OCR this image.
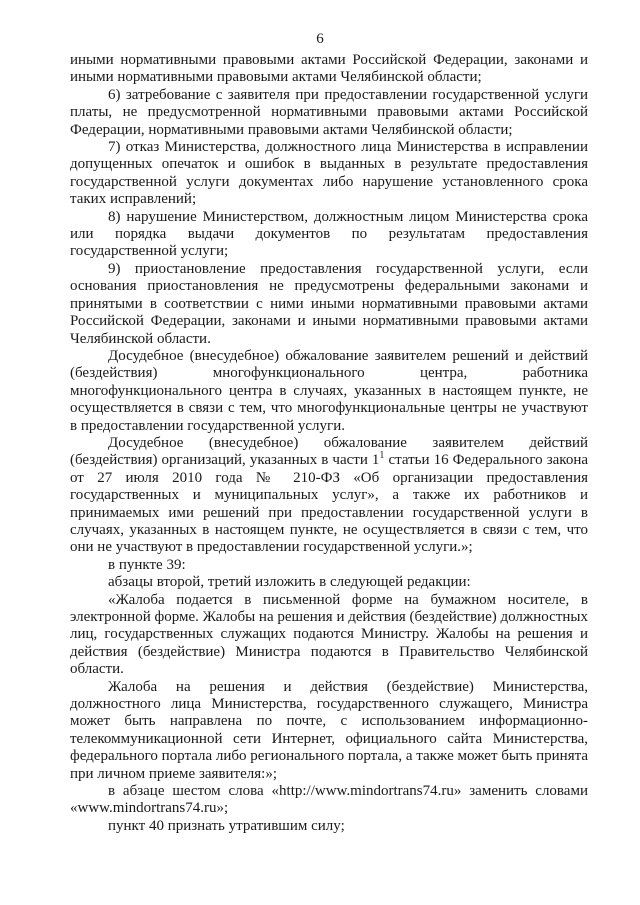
6

иными нормативными правовыми актами Российской Федерации, законами и иными нормативными правовыми актами Челябинской области;

6) затребование с заявителя при предоставлении государственной услуги платы, не предусмотренной нормативными правовыми актами Российской Федерации, нормативными правовыми актами Челябинской области;

7) отказ Министерства, должностного лица Министерства в исправлении допущенных опечаток и ошибок в выданных в результате предоставления государственной услуги документах либо нарушение установленного срока таких исправлений;

8) нарушение Министерством, должностным лицом Министерства срока или порядка выдачи документов по результатам предоставления государственной услуги;

9) приостановление предоставления государственной услуги, если основания приостановления не предусмотрены федеральными законами и принятыми в соответствии с ними иными нормативными правовыми актами Российской Федерации, законами и иными нормативными правовыми актами Челябинской области.

Досудебное (внесудебное) обжалование заявителем решений и действий (бездействия) многофункционального центра, работника многофункционального центра в случаях, указанных в настоящем пункте, не осуществляется в связи с тем, что многофункциональные центры не участвуют в предоставлении государственной услуги.

Досудебное (внесудебное) обжалование заявителем действий (бездействия) организаций, указанных в части 1$^1$ статьи 16 Федерального закона от 27 июля 2010 года № 210-ФЗ «Об организации предоставления государственных и муниципальных услуг», а также их работников и принимаемых ими решений при предоставлении государственной услуги в случаях, указанных в настоящем пункте, не осуществляется в связи с тем, что они не участвуют в предоставлении государственной услуги.»;

в пункте 39:

абзацы второй, третий изложить в следующей редакции:

«Жалоба подается в письменной форме на бумажном носителе, в электронной форме. Жалобы на решения и действия (бездействие) должностных лиц, государственных служащих подаются Министру. Жалобы на решения и действия (бездействие) Министра подаются в Правительство Челябинской области.

Жалоба на решения и действия (бездействие) Министерства, должностного лица Министерства, государственного служащего, Министра может быть направлена по почте, с использованием информационно-телекоммуникационной сети Интернет, официального сайта Министерства, федерального портала либо регионального портала, а также может быть принята при личном приеме заявителя:»;

в абзаце шестом слова «http://www.mindortrans74.ru» заменить словами «www.mindortrans74.ru»;

пункт 40 признать утратившим силу;
